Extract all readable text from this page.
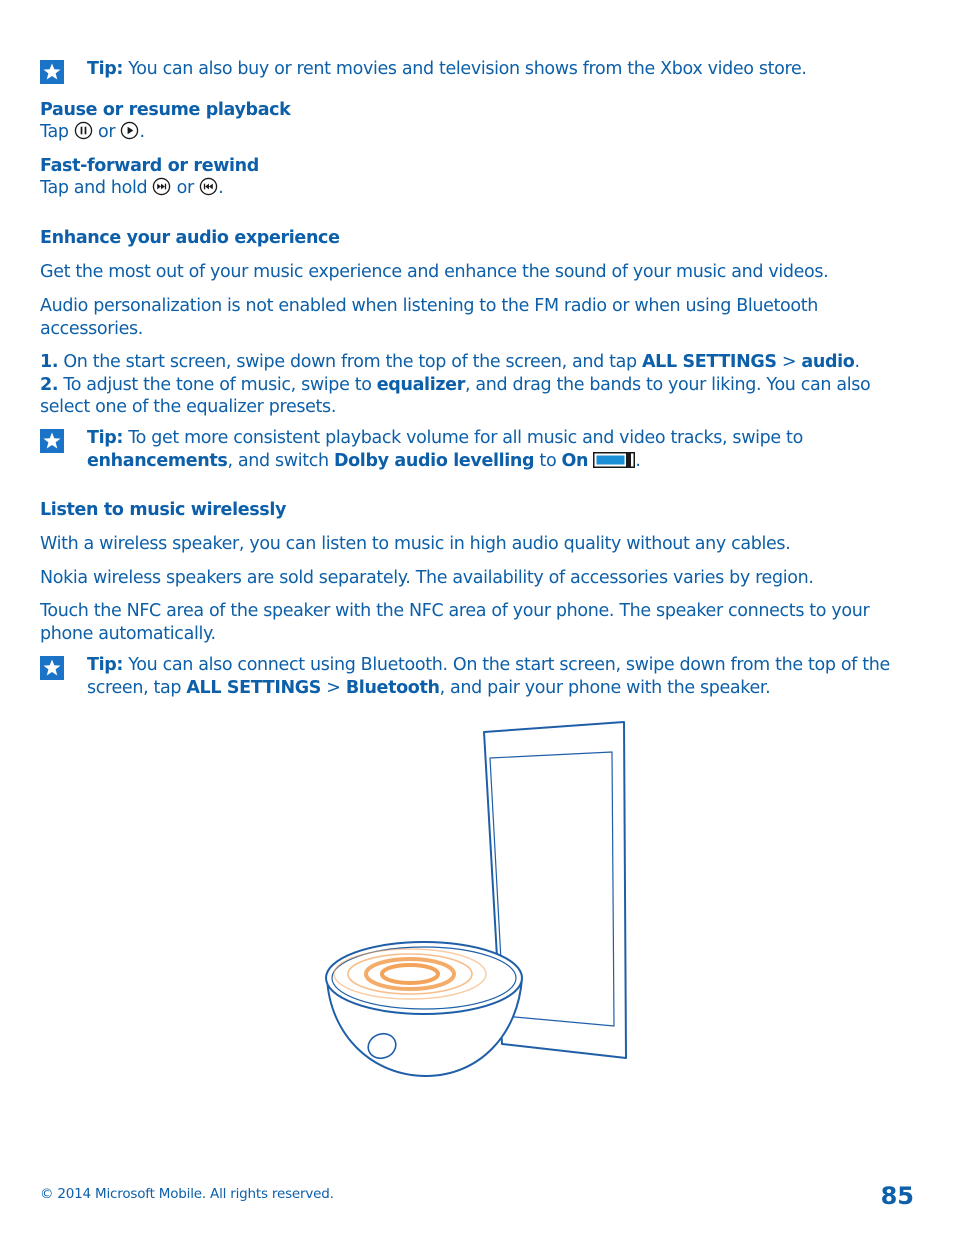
Tip: You can also buy or rent movies and television shows from the Xbox video store.
Pause or resume playback
Tap  or .
Fast-forward or rewind
Tap and hold  or .
Enhance your audio experience
Get the most out of your music experience and enhance the sound of your music and videos.
Audio personalization is not enabled when listening to the FM radio or when using Bluetooth accessories.
1. On the start screen, swipe down from the top of the screen, and tap ALL SETTINGS > audio.
2. To adjust the tone of music, swipe to equalizer, and drag the bands to your liking. You can also select one of the equalizer presets.
Tip: To get more consistent playback volume for all music and video tracks, swipe to enhancements, and switch Dolby audio levelling to On	.
Listen to music wirelessly
With a wireless speaker, you can listen to music in high audio quality without any cables.
Nokia wireless speakers are sold separately. The availability of accessories varies by region.
Touch the NFC area of the speaker with the NFC area of your phone. The speaker connects to your phone automatically.
Tip: You can also connect using Bluetooth. On the start screen, swipe down from the top of the screen, tap ALL SETTINGS > Bluetooth, and pair your phone with the speaker.
© 2014 Microsoft Mobile. All rights reserved.	85
